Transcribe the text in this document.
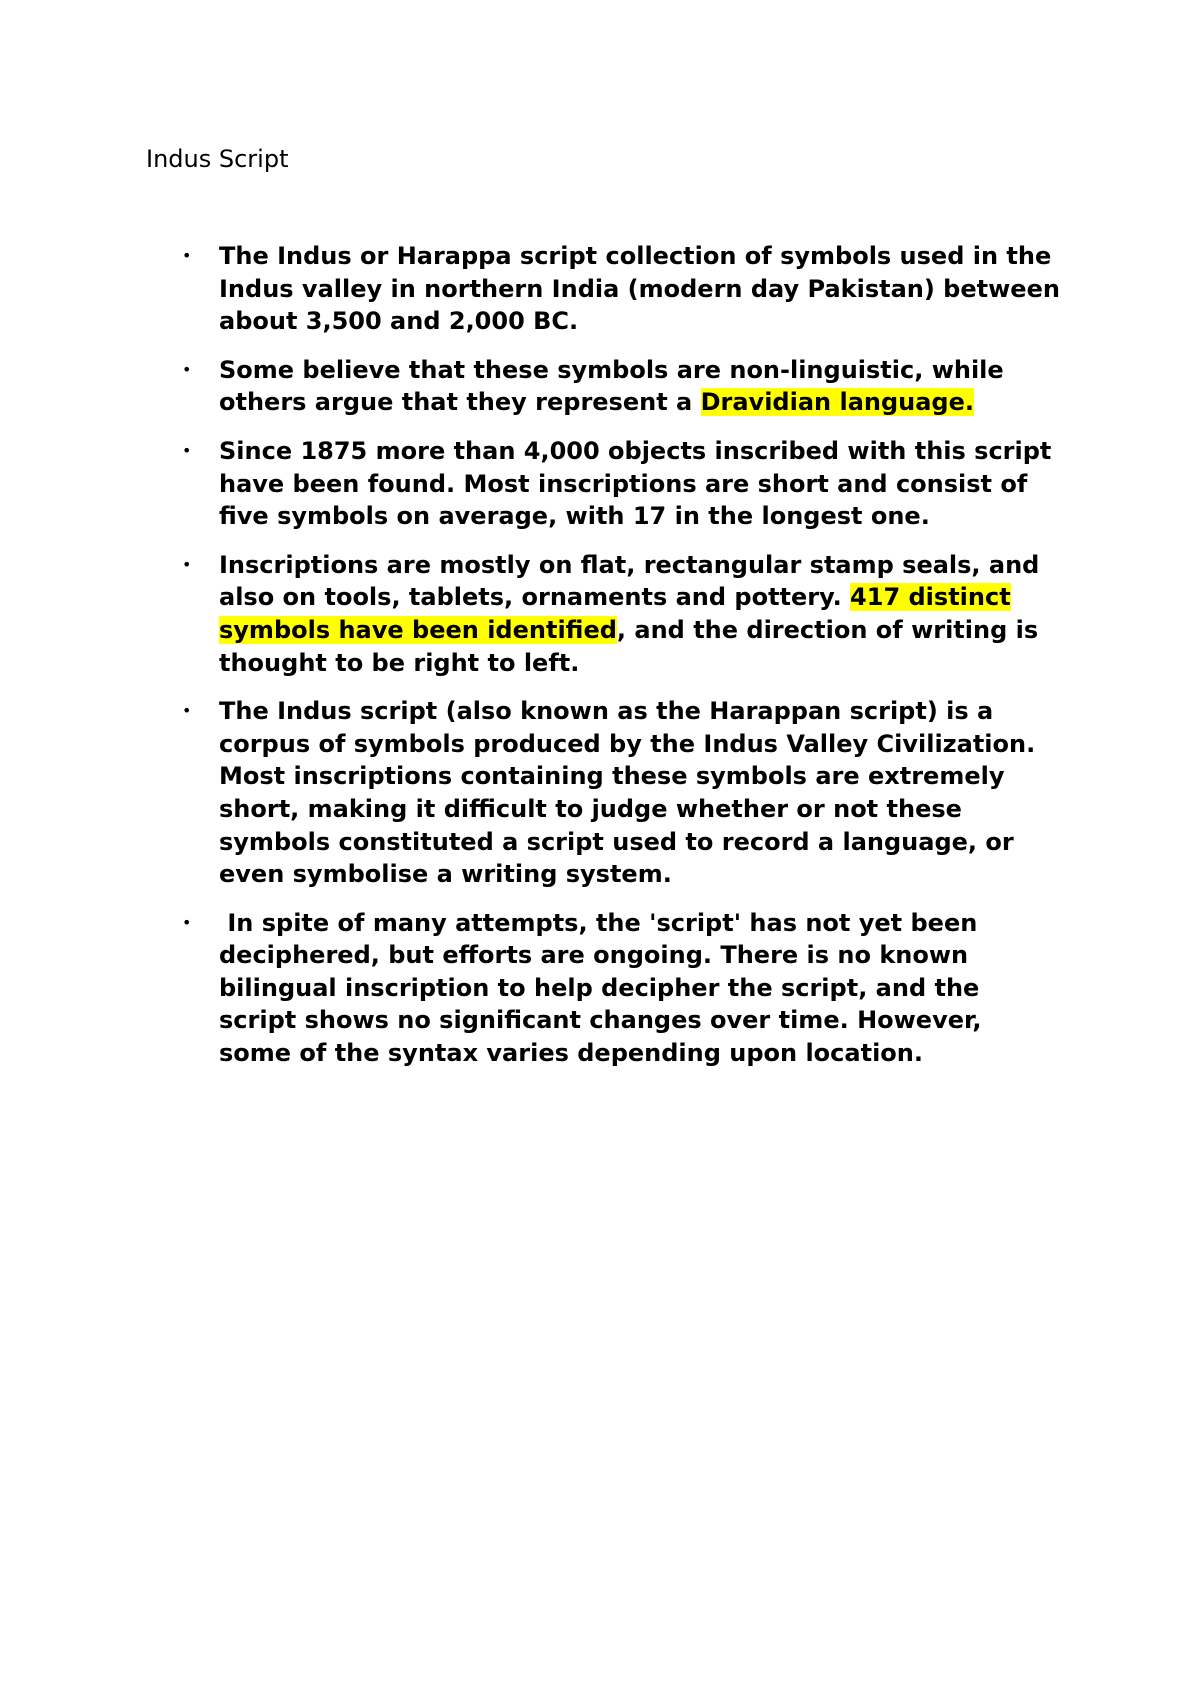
Indus Script
• The Indus or Harappa script collection of symbols used in the Indus valley in northern India (modern day Pakistan) between about 3,500 and 2,000 BC.
• Some believe that these symbols are non-linguistic, while others argue that they represent a Dravidian language.
• Since 1875 more than 4,000 objects inscribed with this script have been found. Most inscriptions are short and consist of five symbols on average, with 17 in the longest one.
• Inscriptions are mostly on flat, rectangular stamp seals, and also on tools, tablets, ornaments and pottery. 417 distinct symbols have been identified, and the direction of writing is thought to be right to left.
• The Indus script (also known as the Harappan script) is a corpus of symbols produced by the Indus Valley Civilization. Most inscriptions containing these symbols are extremely short, making it difficult to judge whether or not these symbols constituted a script used to record a language, or even symbolise a writing system.
• In spite of many attempts, the 'script' has not yet been deciphered, but efforts are ongoing. There is no known bilingual inscription to help decipher the script, and the script shows no significant changes over time. However, some of the syntax varies depending upon location.
